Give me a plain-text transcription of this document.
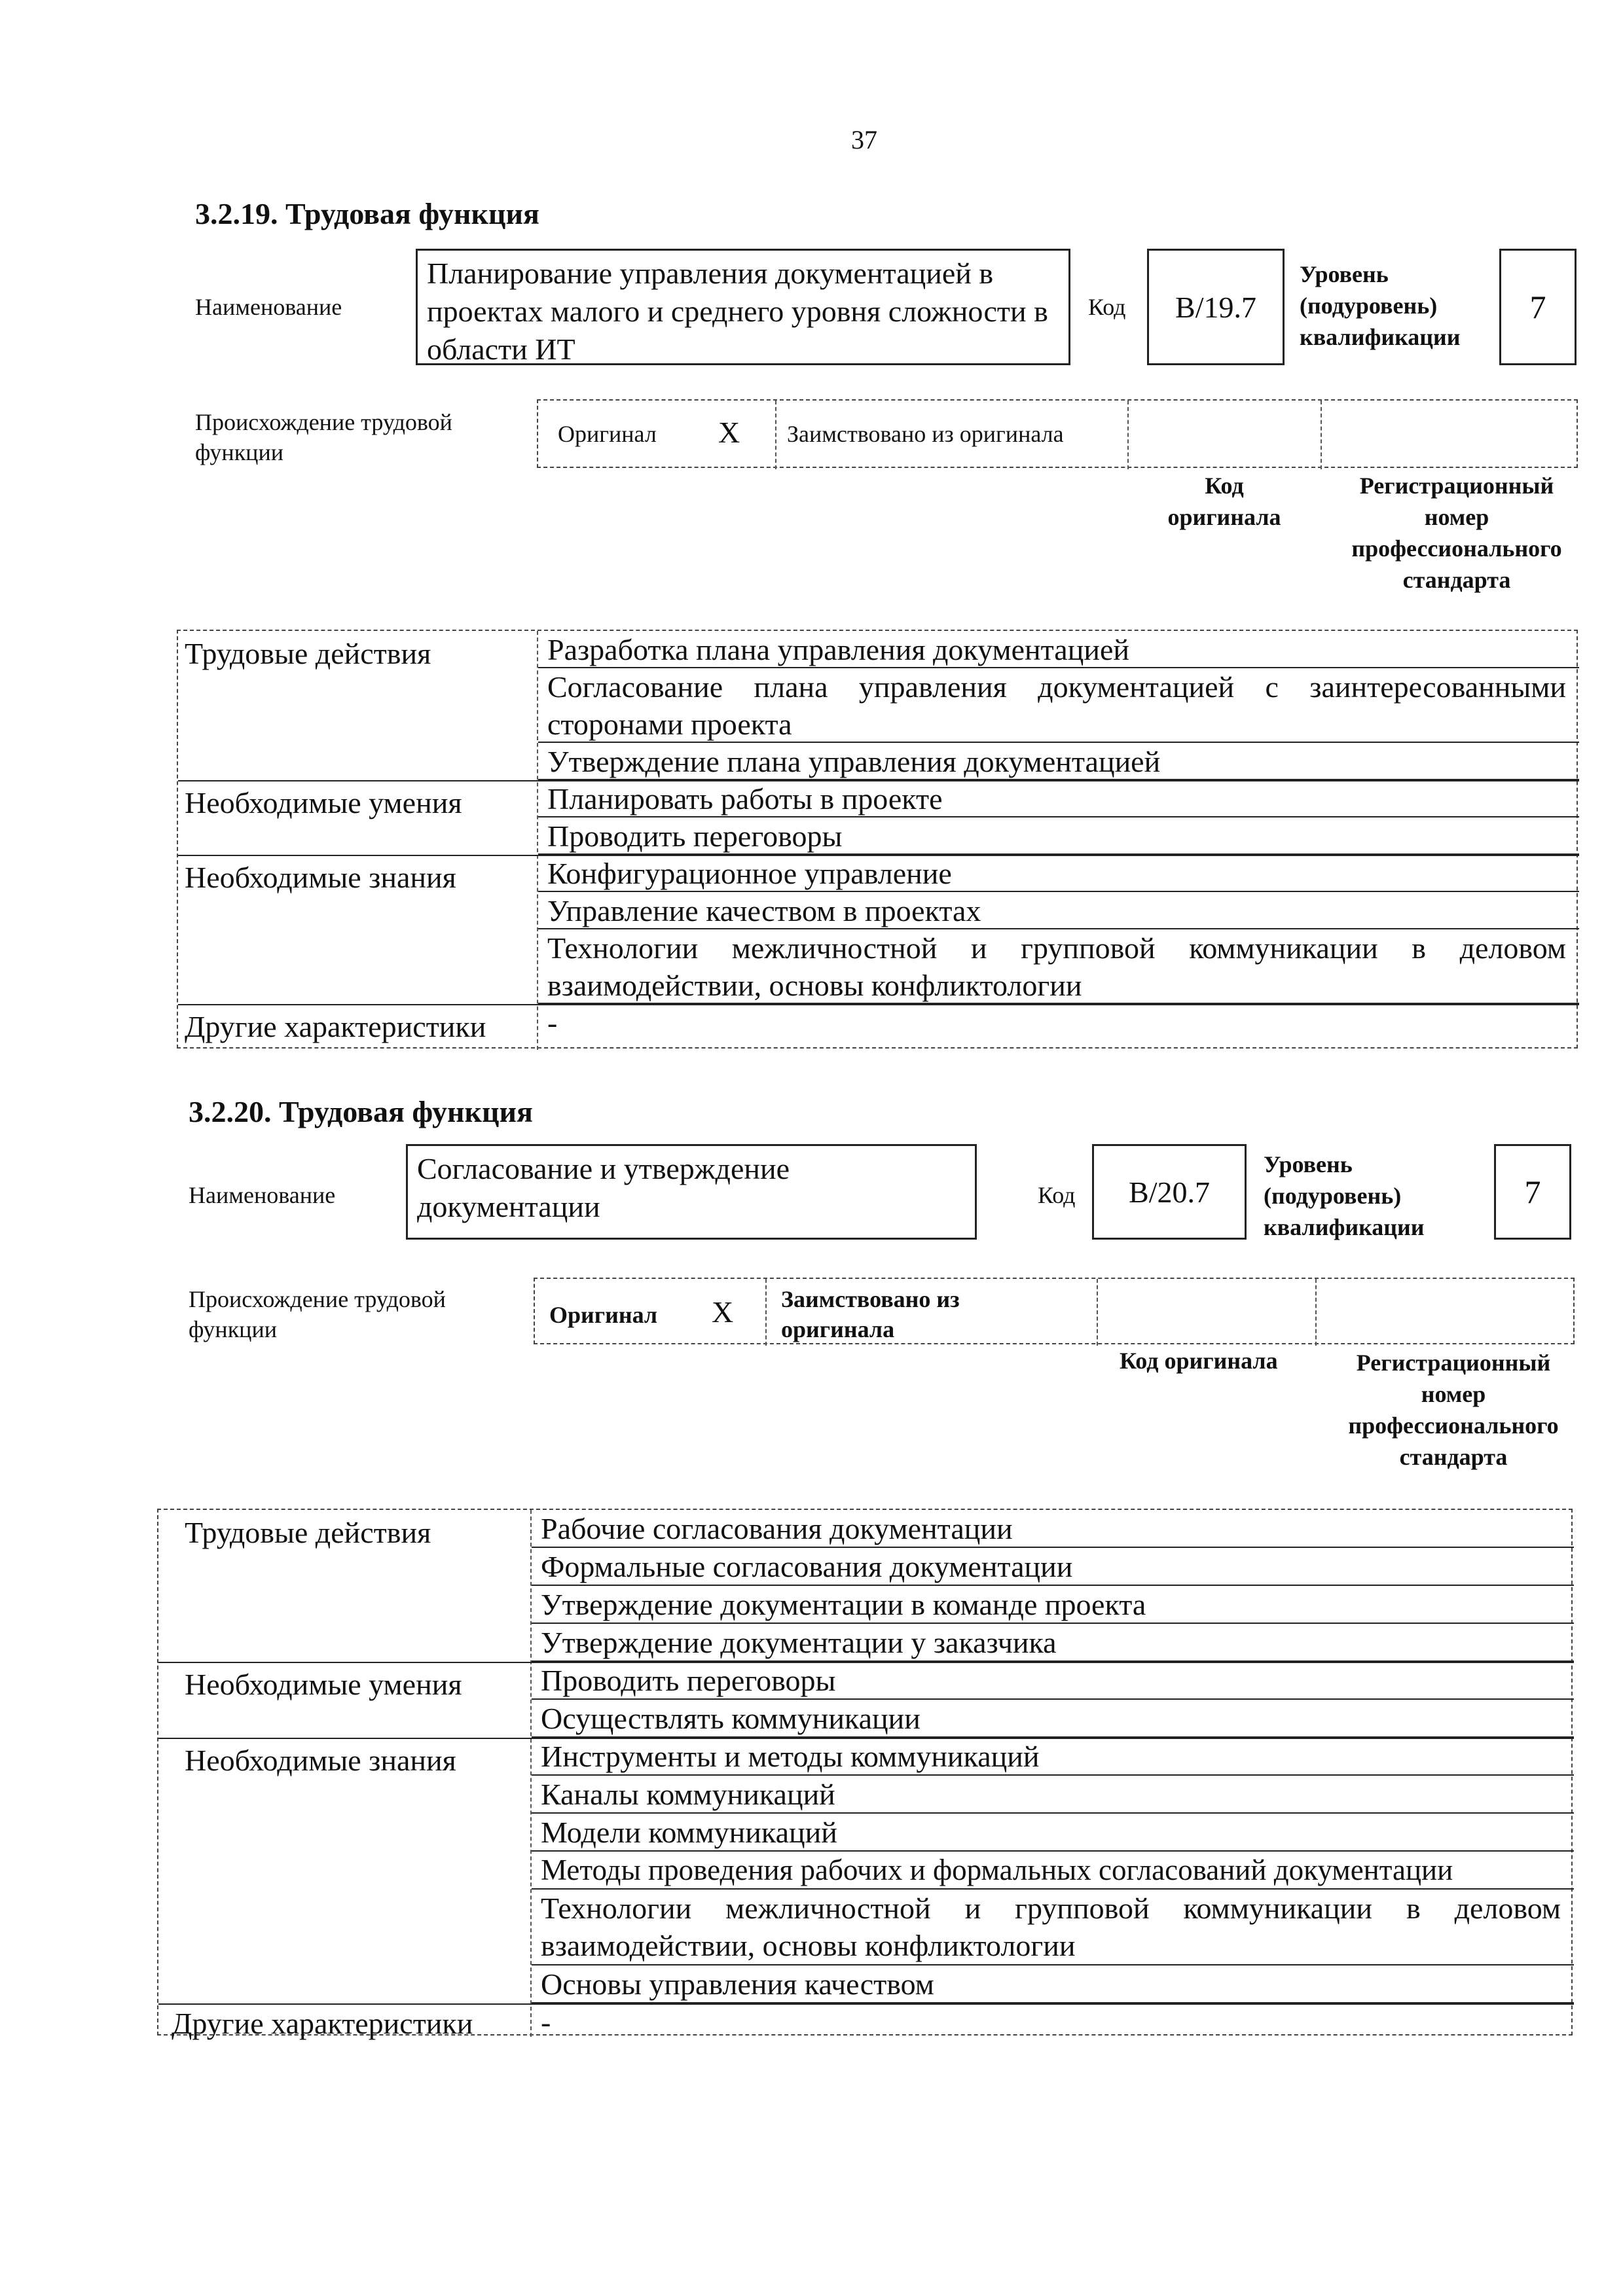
37
3.2.19. Трудовая функция
Наименование
Планирование управления документацией в проектах малого и среднего уровня сложности в области ИТ
Код B/19.7
Уровень (подуровень) квалификации
7
Происхождение трудовой функции
Оригинал X Заимствовано из оригинала
Код оригинала
Регистрационный номер профессионального стандарта
Трудовые действия	Разработка плана управления документацией
Согласование плана управления документацией с заинтересованными сторонами проекта
Утверждение плана управления документацией
Необходимые умения	Планировать работы в проекте
Проводить переговоры
Необходимые знания	Конфигурационное управление
Управление качеством в проектах
Технологии межличностной и групповой коммуникации в деловом взаимодействии, основы конфликтологии
Другие характеристики	-
3.2.20. Трудовая функция
Наименование
Согласование и утверждение документации	Код B/20.7
Уровень (подуровень) квалификации
7
Происхождение трудовой функции
Оригинал X Заимствовано из оригинала
Код оригинала	Регистрационный номер профессионального стандарта
Трудовые действия	Рабочие согласования документации
Формальные согласования документации
Утверждение документации в команде проекта
Утверждение документации у заказчика
Необходимые умения	Проводить переговоры
Осуществлять коммуникации
Необходимые знания	Инструменты и методы коммуникаций
Каналы коммуникаций
Модели коммуникаций
Методы проведения рабочих и формальных согласований документации
Технологии межличностной и групповой коммуникации в деловом взаимодействии, основы конфликтологии
Основы управления качеством
Другие характеристики	-
